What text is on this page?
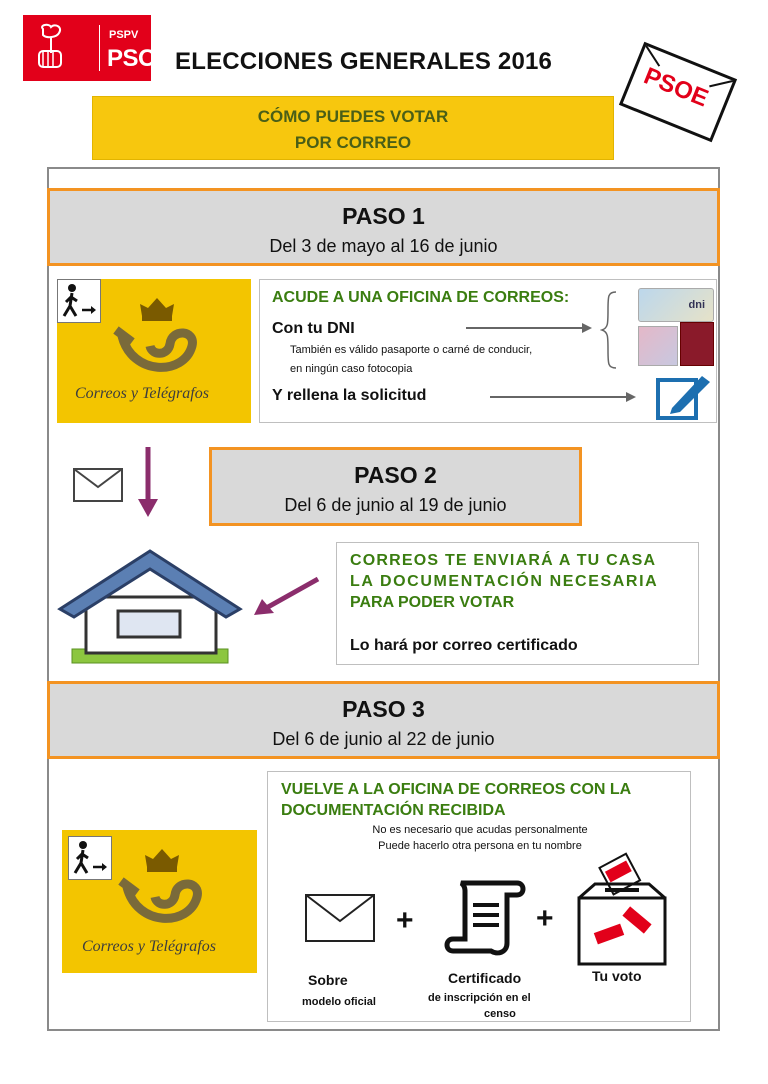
PSPV
PSOE ELECCIONES GENERALES 2016
PSOE
CÓMO PUEDES VOTAR
POR CORREO
PASO 1
Del 3 de mayo al 16 de junio
Correos y Telégrafos
ACUDE A UNA OFICINA DE CORREOS:
Con tu DNI
También es válido pasaporte o carné de conducir,
en ningún caso fotocopia
Y rellena la solicitud
dni
PASO 2
Del 6 de junio al 19 de junio
CORREOS TE ENVIARÁ A TU CASA
LA DOCUMENTACIÓN NECESARIA
PARA PODER VOTAR
Lo hará por correo certificado
PASO 3
Del 6 de junio al 22 de junio
Correos y Telégrafos
VUELVE A LA OFICINA DE CORREOS CON LA
DOCUMENTACIÓN RECIBIDA
No es necesario que acudas personalmente
Puede hacerlo otra persona en tu nombre
+	+
Sobre
modelo oficial
Certificado
de inscripción en el
censo
Tu voto
